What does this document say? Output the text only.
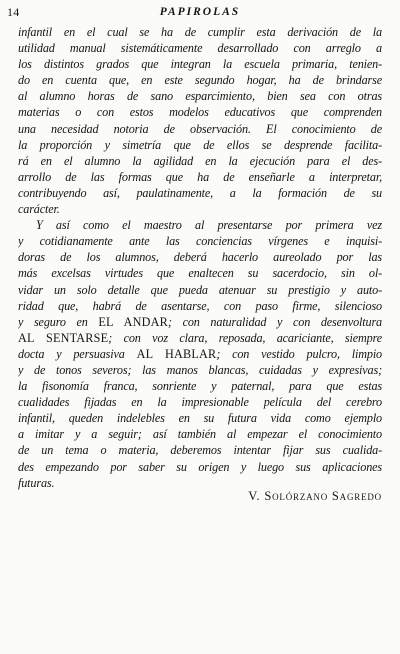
14	PAPIROLAS
infantil en el cual se ha de cumplir esta derivación de la
utilidad manual sistemáticamente desarrollado con arreglo a
los distintos grados que integran la escuela primaria, tenien-
do en cuenta que, en este segundo hogar, ha de brindarse
al alumno horas de sano esparcimiento, bien sea con otras
materias o con estos modelos educativos que comprenden
una necesidad notoria de observación. El conocimiento de
la proporción y simetría que de ellos se desprende facilita-
rá en el alumno la agilidad en la ejecución para el des-
arrollo de las formas que ha de enseñarle a interpretar,
contribuyendo así, paulatinamente, a la formación de su
carácter.
Y así como el maestro al presentarse por primera vez
y cotidianamente ante las conciencias vírgenes e inquisi-
doras de los alumnos, deberá hacerlo aureolado por las
más excelsas virtudes que enaltecen su sacerdocio, sin ol-
vidar un solo detalle que pueda atenuar su prestigio y auto-
ridad que, habrá de asentarse, con paso firme, silencioso
y seguro en EL ANDAR; con naturalidad y con desenvoltura
AL SENTARSE; con voz clara, reposada, acariciante, siempre
docta y persuasiva AL HABLAR; con vestido pulcro, limpio
y de tonos severos; las manos blancas, cuidadas y expresivas;
la fisonomía franca, sonriente y paternal, para que estas
cualidades fijadas en la impresionable película del cerebro
infantil, queden indelebles en su futura vida como ejemplo
a imitar y a seguir; así también al empezar el conocimiento
de un tema o materia, deberemos intentar fijar sus cualida-
des empezando por saber su origen y luego sus aplicaciones
futuras.
V. Solórzano Sagredo
